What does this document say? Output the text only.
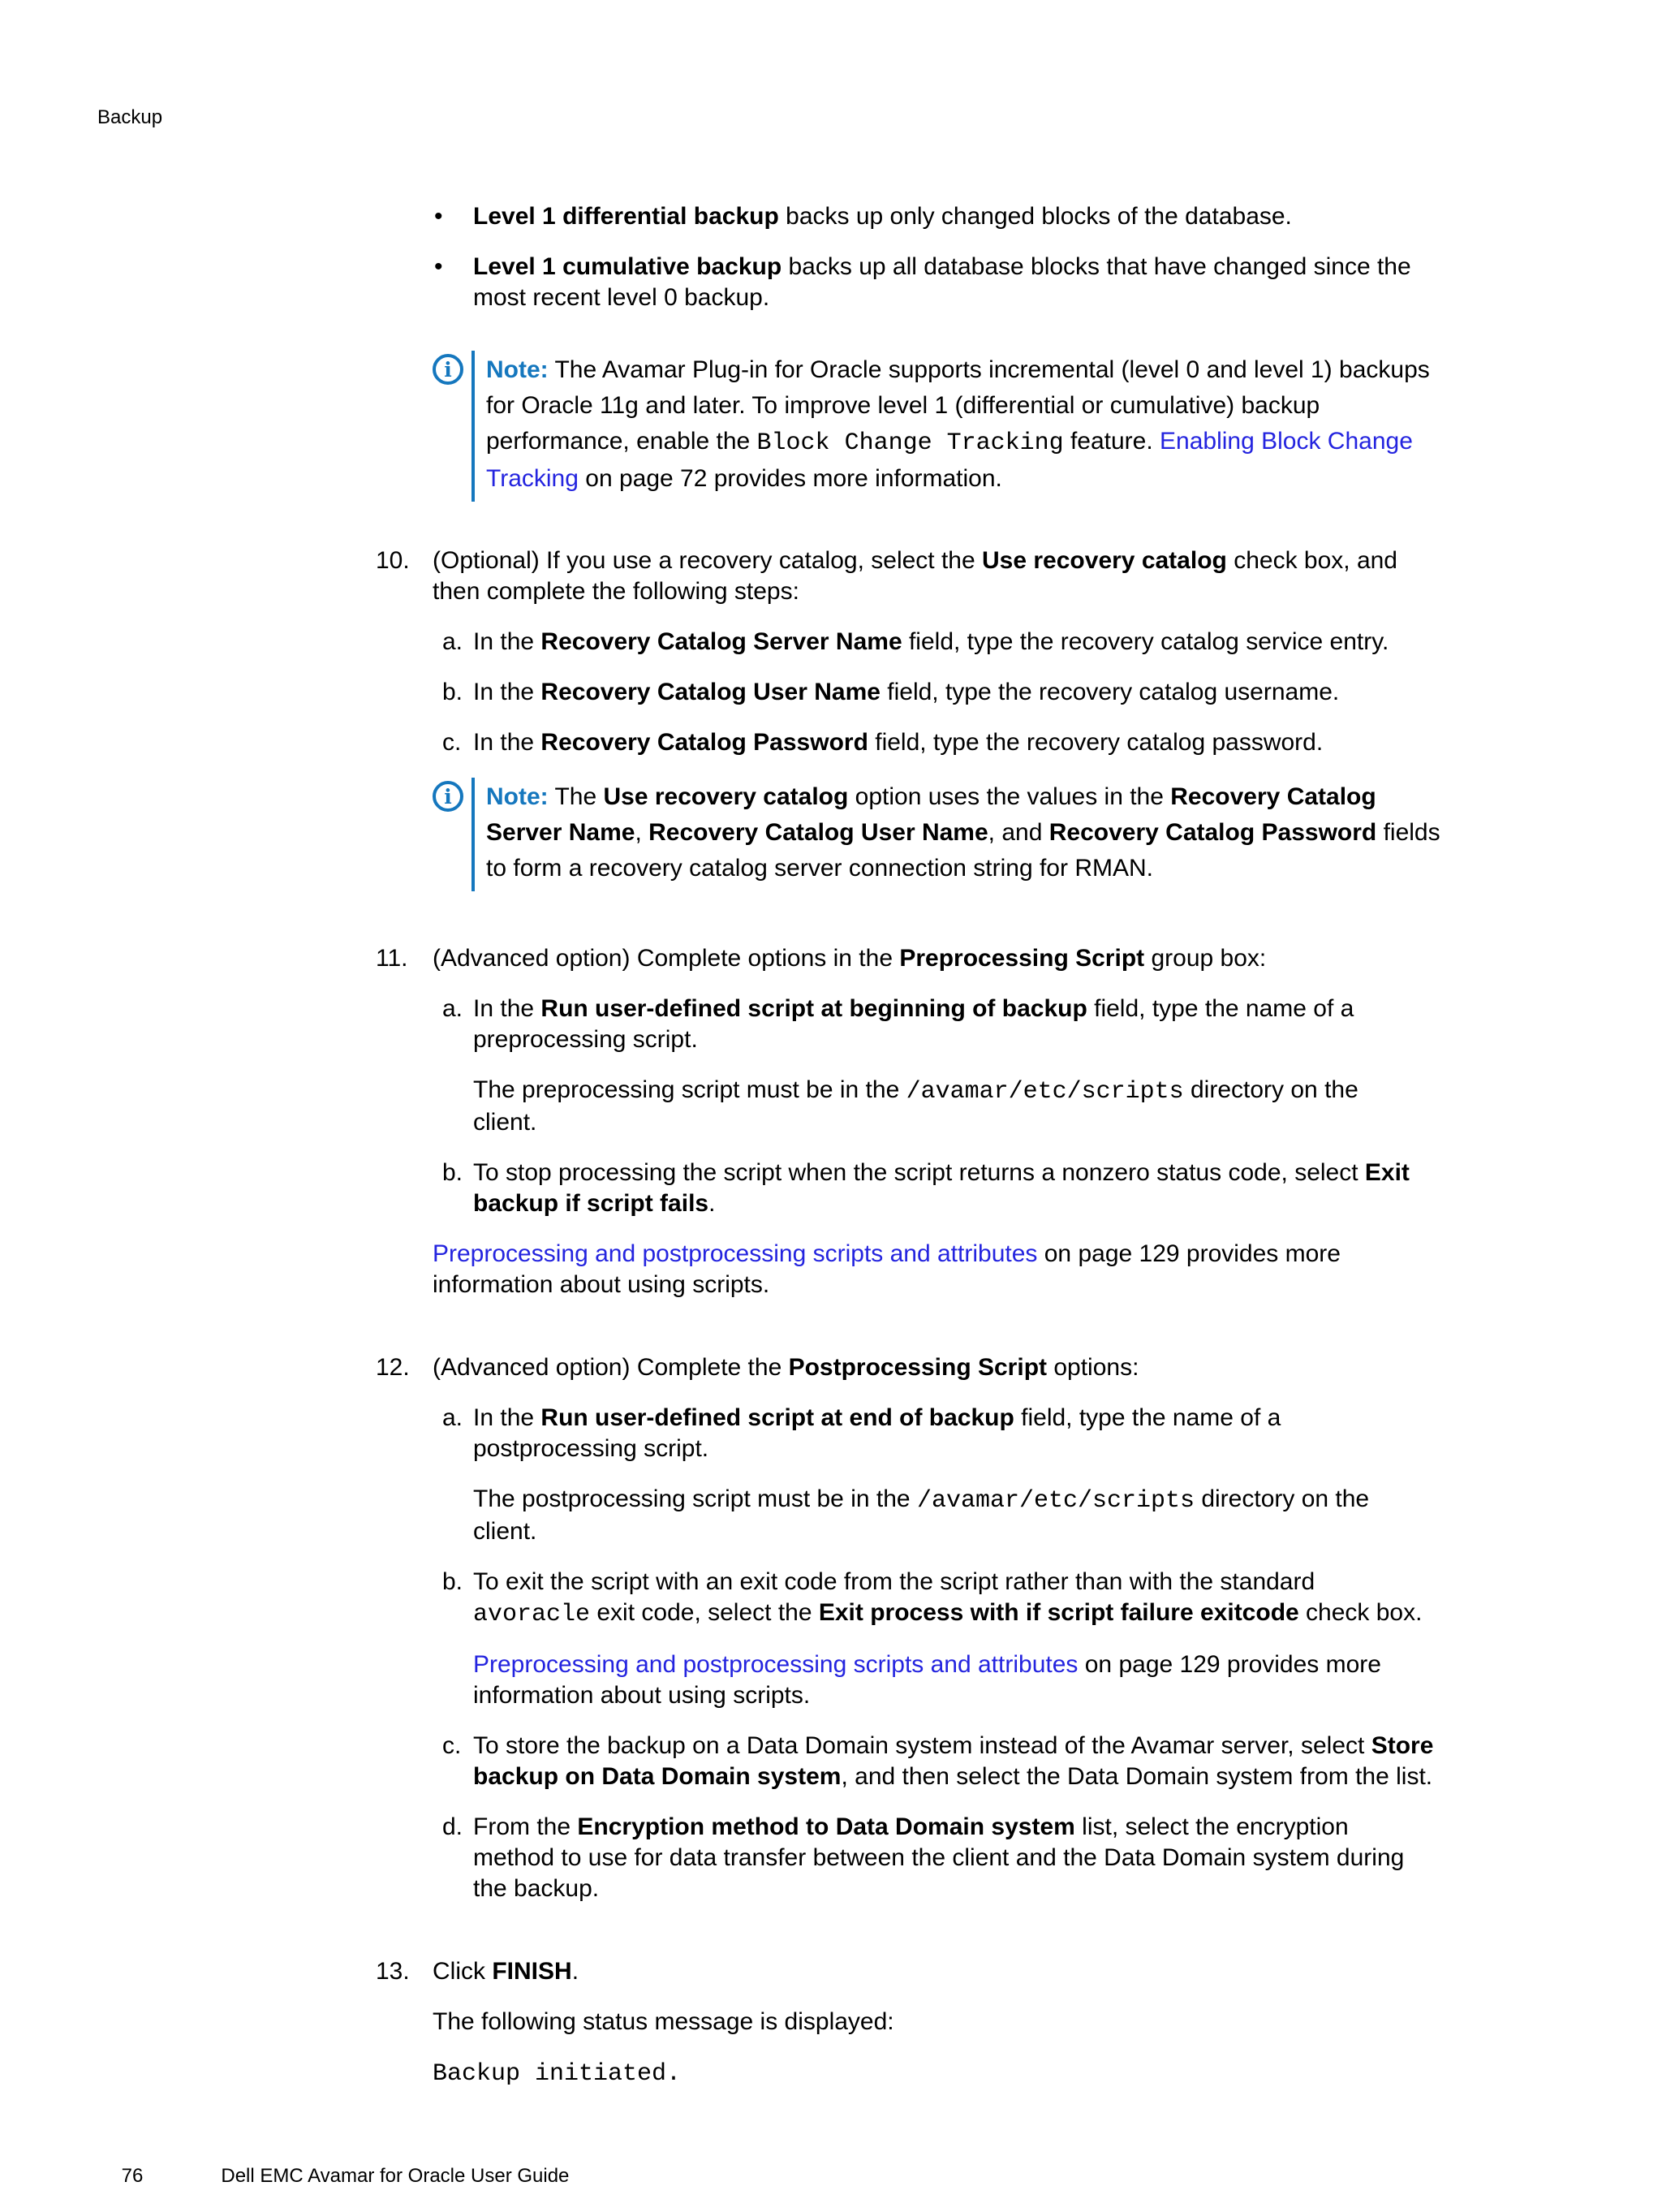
Backup
•	Level 1 differential backup backs up only changed blocks of the database.
•	Level 1 cumulative backup backs up all database blocks that have changed since the
most recent level 0 backup.
i	Note: The Avamar Plug-in for Oracle supports incremental (level 0 and level 1) backups
for Oracle 11g and later. To improve level 1 (differential or cumulative) backup
performance, enable the Block Change Tracking feature. Enabling Block Change
Tracking on page 72 provides more information.
10. (Optional) If you use a recovery catalog, select the Use recovery catalog check box, and
then complete the following steps:
a. In the Recovery Catalog Server Name field, type the recovery catalog service entry.
b. In the Recovery Catalog User Name field, type the recovery catalog username.
c. In the Recovery Catalog Password field, type the recovery catalog password.
i	Note: The Use recovery catalog option uses the values in the Recovery Catalog
Server Name, Recovery Catalog User Name, and Recovery Catalog Password fields
to form a recovery catalog server connection string for RMAN.
11.	(Advanced option) Complete options in the Preprocessing Script group box:
a. In the Run user-defined script at beginning of backup field, type the name of a
preprocessing script.
The preprocessing script must be in the /avamar/etc/scripts directory on the
client.
b. To stop processing the script when the script returns a nonzero status code, select Exit
backup if script fails.
Preprocessing and postprocessing scripts and attributes on page 129 provides more
information about using scripts.
12. (Advanced option) Complete the Postprocessing Script options:
a. In the Run user-defined script at end of backup field, type the name of a
postprocessing script.
The postprocessing script must be in the /avamar/etc/scripts directory on the
client.
b. To exit the script with an exit code from the script rather than with the standard
avoracle exit code, select the Exit process with if script failure exitcode check box.
Preprocessing and postprocessing scripts and attributes on page 129 provides more
information about using scripts.
c. To store the backup on a Data Domain system instead of the Avamar server, select Store
backup on Data Domain system, and then select the Data Domain system from the list.
d. From the Encryption method to Data Domain system list, select the encryption
method to use for data transfer between the client and the Data Domain system during
the backup.
13. Click FINISH.
The following status message is displayed:
Backup initiated.

76	Dell EMC Avamar for Oracle User Guide
